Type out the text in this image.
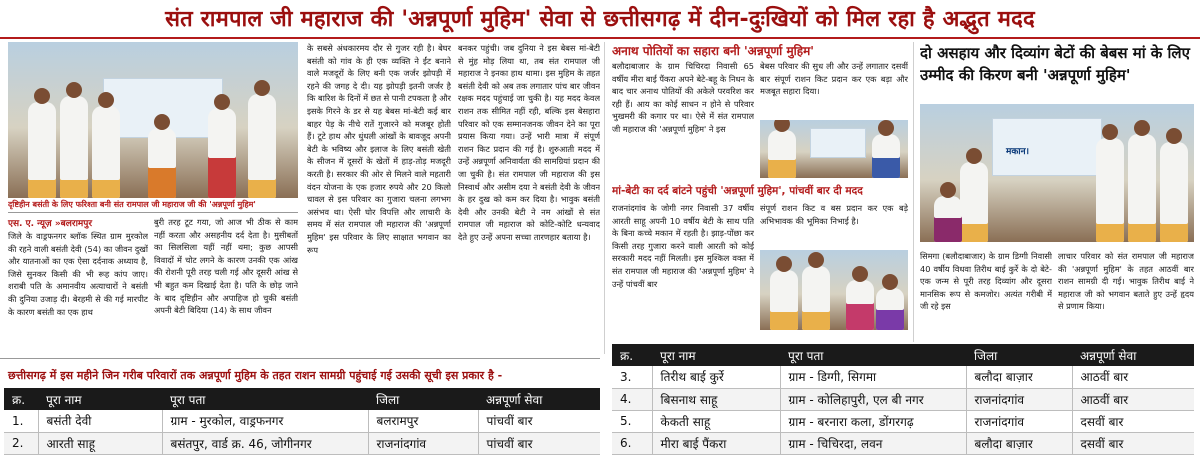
संत रामपाल जी महाराज की 'अन्नपूर्णा मुहिम' सेवा से छत्तीसगढ़ में दीन-दुःखियों को मिल रहा है अद्भुत मदद
दृष्टिहीन बसंती के लिए फरिश्ता बनी संत रामपाल जी महाराज जी की 'अन्नपूर्णा मुहिम'
एस. ए. न्यूज़ »बलरामपुर
जिले के वाड्रफनगर ब्लॉक स्थित ग्राम मुरकोल की रहने वाली बसंती देवी (54) का जीवन दुखों और यातनाओं का एक ऐसा दर्दनाक अध्याय है, जिसे सुनकर किसी की भी रूह कांप जाए। शराबी पति के अमानवीय अत्याचारों ने बसंती की दुनिया उजाड़ दी। बेरहमी से की गई मारपीट के कारण बसंती का एक हाथ
बुरी तरह टूट गया, जो आज भी ठीक से काम नहीं करता और असहनीय दर्द देता है। मुसीबतों का सिलसिला यहीं नहीं थमा; कुछ आपसी विवादों में चोट लगने के कारण उनकी एक आंख की रोशनी पूरी तरह चली गई और दूसरी आंख से भी बहुत कम दिखाई देता है। पति के छोड़ जाने के बाद दृष्टिहीन और अपाहिज हो चुकी बसंती अपनी बेटी बिदिया (14) के साथ जीवन
के सबसे अंधकारमय दौर से गुजर रही है। बेघर बसंती को गांव के ही एक व्यक्ति ने ईंट बनाने वाले मजदूरों के लिए बनी एक जर्जर झोपड़ी में रहने की जगह दे दी। यह झोपड़ी इतनी जर्जर है कि बारिश के दिनों में छत से पानी टपकता है और इसके गिरने के डर से यह बेबस मां-बेटी कई बार बाहर पेड़ के नीचे रातें गुजारने को मजबूर होती हैं। टूटे हाथ और धुंधली आंखों के बावजूद अपनी बेटी के भविष्य और इलाज के लिए बसंती खेती के सीजन में दूसरों के खेतों में हाड़-तोड़ मजदूरी करती है। सरकार की ओर से मिलने वाले महतारी वंदन योजना के एक हजार रुपये और 20 किलो चावल से इस परिवार का गुजारा चलना लगभग असंभव था। ऐसी घोर विपत्ति और लाचारी के समय में संत रामपाल जी महाराज की 'अन्नपूर्णा मुहिम' इस परिवार के लिए साक्षात भगवान का रूप
बनकर पहुंची। जब दुनिया ने इस बेबस मां-बेटी से मुंह मोड़ लिया था, तब संत रामपाल जी महाराज ने इनका हाथ थामा। इस मुहिम के तहत बसंती देवी को अब तक लगातार पांच बार जीवन रक्षक मदद पहुंचाई जा चुकी है। यह मदद केवल राशन तक सीमित नहीं रही, बल्कि इस बेसहारा परिवार को एक सम्मानजनक जीवन देने का पूरा प्रयास किया गया। उन्हें भारी मात्रा में संपूर्ण राशन किट प्रदान की गई है। शुरुआती मदद में उन्हें अन्नपूर्णा अनिवार्यता की सामग्रियां प्रदान की जा चुकी है। संत रामपाल जी महाराज की इस निस्वार्थ और असीम दया ने बसंती देवी के जीवन के हर दुख को कम कर दिया है। भावुक बसंती देवी और उनकी बेटी ने नम आंखों से संत रामपाल जी महाराज को कोटि-कोटि धन्यवाद देते हुए उन्हें अपना सच्चा तारणहार बताया है।
अनाथ पोतियों का सहारा बनी 'अन्नपूर्णा मुहिम'
बलौदाबाजार के ग्राम चिचिरदा निवासी 65 वर्षीय मीरा बाई पैंकरा अपने बेटे-बहू के निधन के बाद चार अनाथ पोतियों की अकेले परवरिश कर रही हैं। आय का कोई साधन न होने से परिवार भुखमरी की कगार पर था। ऐसे में संत रामपाल जी महाराज की 'अन्नपूर्णा मुहिम' ने इस
बेबस परिवार की सुध ली और उन्हें लगातार दसवीं बार संपूर्ण राशन किट प्रदान कर एक बड़ा और मजबूत सहारा दिया।
मां-बेटी का दर्द बांटने पहुंची 'अन्नपूर्णा मुहिम', पांचवीं बार दी मदद
राजनांदगांव के जोगी नगर निवासी 37 वर्षीय आरती साहू अपनी 10 वर्षीय बेटी के साथ पति के बिना कच्चे मकान में रहती है। झाड़-पोंछा कर किसी तरह गुजारा करने वाली आरती को कोई सरकारी मदद नहीं मिलती। इस मुश्किल वक्त में संत रामपाल जी महाराज की 'अन्नपूर्णा मुहिम' ने उन्हें पांचवीं बार
संपूर्ण राशन किट व बस प्रदान कर एक बड़े अभिभावक की भूमिका निभाई है।
दो असहाय और दिव्यांग बेटों की बेबस मां के लिए उम्मीद की किरण बनी 'अन्नपूर्णा मुहिम'
मकान।
सिमगा (बलौदाबाजार) के ग्राम डिग्गी निवासी 40 वर्षीय विधवा तिरीथ बाई कुर्रे के दो बेटे- एक जन्म से पूरी तरह दिव्यांग और दूसरा मानसिक रूप से कमजोर। अत्यंत गरीबी में जी रहे इस
लाचार परिवार को संत रामपाल जी महाराज की 'अन्नपूर्णा मुहिम' के तहत आठवीं बार राशन सामग्री दी गई। भावुक तिरीथ बाई ने महाराज जी को भगवान बताते हुए उन्हें हृदय से प्रणाम किया।
छत्तीसगढ़ में इस महीने जिन गरीब परिवारों तक अन्नपूर्णा मुहिम के तहत राशन सामग्री पहुंचाई गई उसकी सूची इस प्रकार है -
क्र.	पूरा नाम	पूरा पता	जिला	अन्नपूर्णा सेवा
1.	बसंती देवी	ग्राम - मुरकोल, वाड्रफनगर	बलरामपुर	पांचवीं बार
2.	आरती साहू	बसंतपुर, वार्ड क्र. 46, जोगीनगर	राजनांदगांव	पांचवीं बार
क्र.	पूरा नाम	पूरा पता	जिला	अन्नपूर्णा सेवा
3.	तिरीथ बाई कुर्रे	ग्राम - डिग्गी, सिगमा	बलौदा बाज़ार	आठवीं बार
4.	बिसनाथ साहू	ग्राम - कोलिहापुरी, एल बी नगर	राजनांदगांव	आठवीं बार
5.	केकती साहू	ग्राम - बरनारा कला, डोंगरगढ़	राजनांदगांव	दसवीं बार
6.	मीरा बाई पैंकरा	ग्राम - चिचिरदा, लवन	बलौदा बाज़ार	दसवीं बार
